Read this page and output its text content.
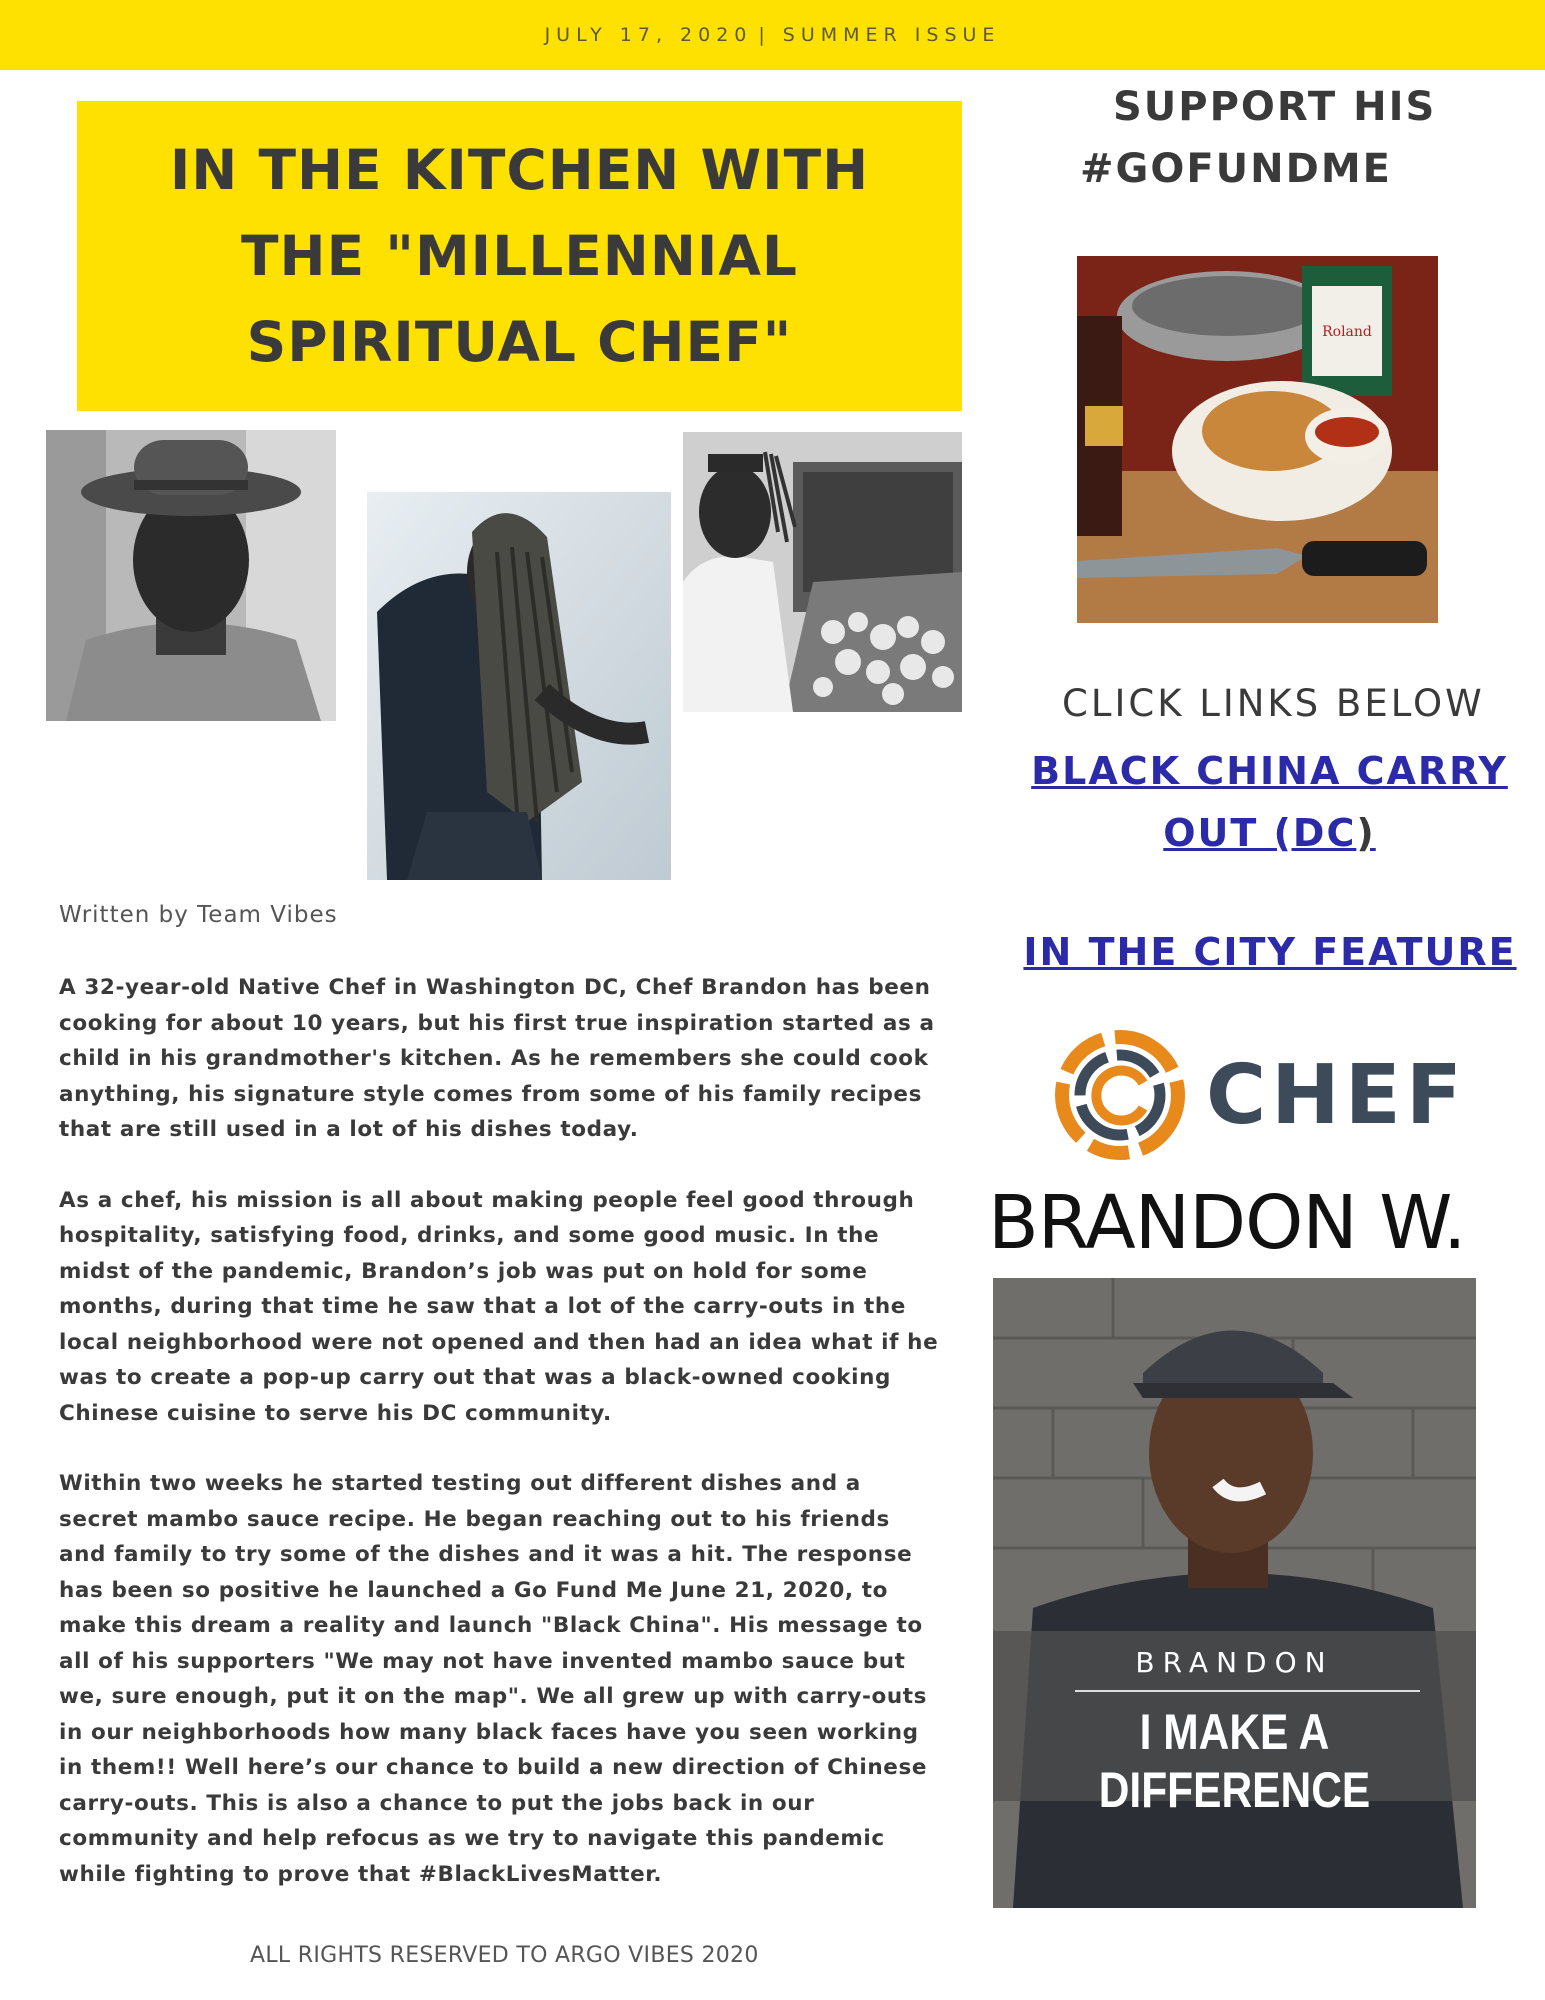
JULY 17, 2020 | SUMMER ISSUE
IN THE KITCHEN WITH THE "MILLENNIAL SPIRITUAL CHEF"
Written by Team Vibes

A 32-year-old Native Chef in Washington DC, Chef Brandon has been cooking for about 10 years, but his first true inspiration started as a child in his grandmother's kitchen. As he remembers she could cook anything, his signature style comes from some of his family recipes that are still used in a lot of his dishes today.

As a chef, his mission is all about making people feel good through hospitality, satisfying food, drinks, and some good music. In the midst of the pandemic, Brandon’s job was put on hold for some months, during that time he saw that a lot of the carry-outs in the local neighborhood were not opened and then had an idea what if he was to create a pop-up carry out that was a black-owned cooking Chinese cuisine to serve his DC community.

Within two weeks he started testing out different dishes and a secret mambo sauce recipe. He began reaching out to his friends and family to try some of the dishes and it was a hit. The response has been so positive he launched a Go Fund Me June 21, 2020, to make this dream a reality and launch "Black China". His message to all of his supporters "We may not have invented mambo sauce but we, sure enough, put it on the map". We all grew up with carry-outs in our neighborhoods how many black faces have you seen working in them!! Well here’s our chance to build a new direction of Chinese carry-outs. This is also a chance to put the jobs back in our community and help refocus as we try to navigate this pandemic while fighting to prove that #BlackLivesMatter.

SUPPORT HIS
#GOFUNDME
Roland
CLICK LINKS BELOW
BLACK CHINA CARRY OUT (DC)
IN THE CITY FEATURE
CHEF
BRANDON W.
BRANDON
I MAKE A DIFFERENCE
ALL RIGHTS RESERVED TO ARGO VIBES 2020
